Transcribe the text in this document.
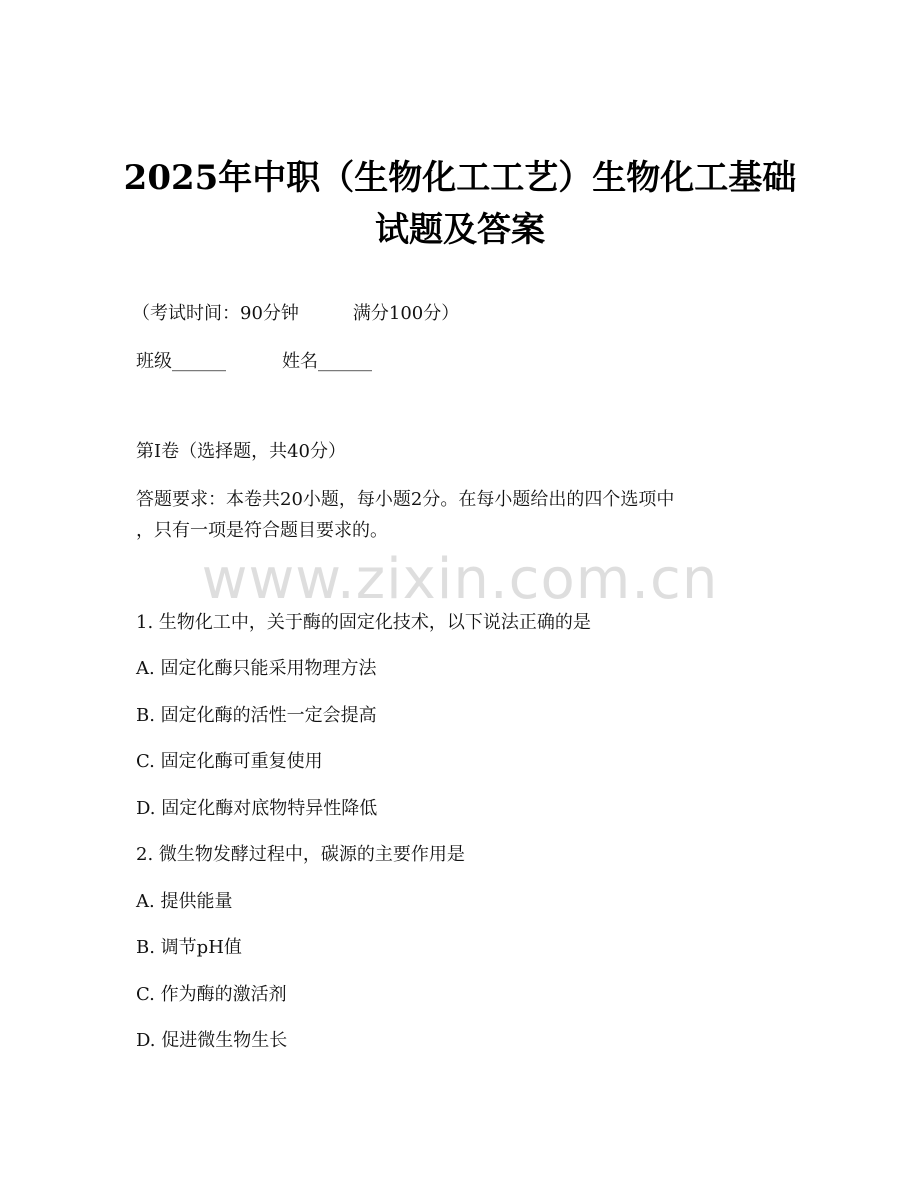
2025年中职（生物化工工艺）生物化工基础
试题及答案
（考试时间：90分钟	满分100分）
班级______	姓名______
第I卷（选择题，共40分）
答题要求：本卷共20小题，每小题2分。在每小题给出的四个选项中
，只有一项是符合题目要求的。
www.zixin.com.cn
1. 生物化工中，关于酶的固定化技术，以下说法正确的是
A. 固定化酶只能采用物理方法
B. 固定化酶的活性一定会提高
C. 固定化酶可重复使用
D. 固定化酶对底物特异性降低
2. 微生物发酵过程中，碳源的主要作用是
A. 提供能量
B. 调节pH值
C. 作为酶的激活剂
D. 促进微生物生长
